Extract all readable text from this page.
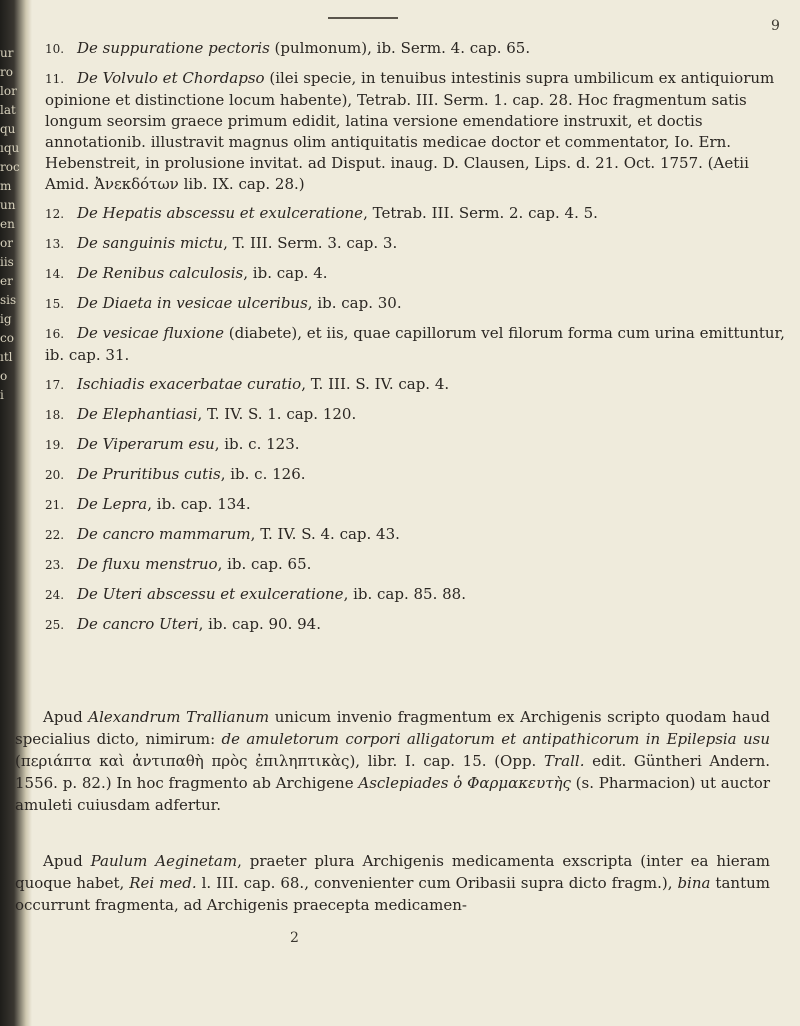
ur
ro
lor
lat
qu
ıqu
roc
m
un
en
or
iis
er
sis
ig
co
ıtl
o
i
9
10. De suppuratione pectoris (pulmonum), ib. Serm. 4. cap. 65.
11. De Volvulo et Chordapso (ilei specie, in tenuibus intestinis supra umbilicum ex antiquiorum opinione et distinctione locum habente), Tetrab. III. Serm. 1. cap. 28. Hoc fragmentum satis longum seorsim graece primum edidit, latina versione emendatiore instruxit, et doctis annotationib. illustravit magnus olim antiquitatis medicae doctor et commentator, Io. Ern. Hebenstreit, in prolusione invitat. ad Disput. inaug. D. Clausen, Lips. d. 21. Oct. 1757. (Aetii Amid. Ἀνεκδότων lib. IX. cap. 28.)
12. De Hepatis abscessu et exulceratione, Tetrab. III. Serm. 2. cap. 4. 5.
13. De sanguinis mictu, T. III. Serm. 3. cap. 3.
14. De Renibus calculosis, ib. cap. 4.
15. De Diaeta in vesicae ulceribus, ib. cap. 30.
16. De vesicae fluxione (diabete), et iis, quae capillorum vel filorum forma cum urina emittuntur, ib. cap. 31.
17. Ischiadis exacerbatae curatio, T. III. S. IV. cap. 4.
18. De Elephantiasi, T. IV. S. 1. cap. 120.
19. De Viperarum esu, ib. c. 123.
20. De Pruritibus cutis, ib. c. 126.
21. De Lepra, ib. cap. 134.
22. De cancro mammarum, T. IV. S. 4. cap. 43.
23. De fluxu menstruo, ib. cap. 65.
24. De Uteri abscessu et exulceratione, ib. cap. 85. 88.
25. De cancro Uteri, ib. cap. 90. 94.
Apud Alexandrum Trallianum unicum invenio fragmentum ex Archigenis scripto quodam haud specialius dicto, nimirum: de amuletorum corpori alligatorum et antipathicorum in Epilepsia usu (περιάπτα καὶ ἀντιπαθὴ πρὸς ἐπιληπτικὰς), libr. I. cap. 15. (Opp. Trall. edit. Güntheri Andern. 1556. p. 82.) In hoc fragmento ab Archigene Asclepiades ὁ Φαρμακευτὴς (s. Pharmacion) ut auctor amuleti cuiusdam adfertur.
Apud Paulum Aeginetam, praeter plura Archigenis medicamenta exscripta (inter ea hieram quoque habet, Rei med. l. III. cap. 68., convenienter cum Oribasii supra dicto fragm.), bina tantum occurrunt fragmenta, ad Archigenis praecepta medicamen-
2
